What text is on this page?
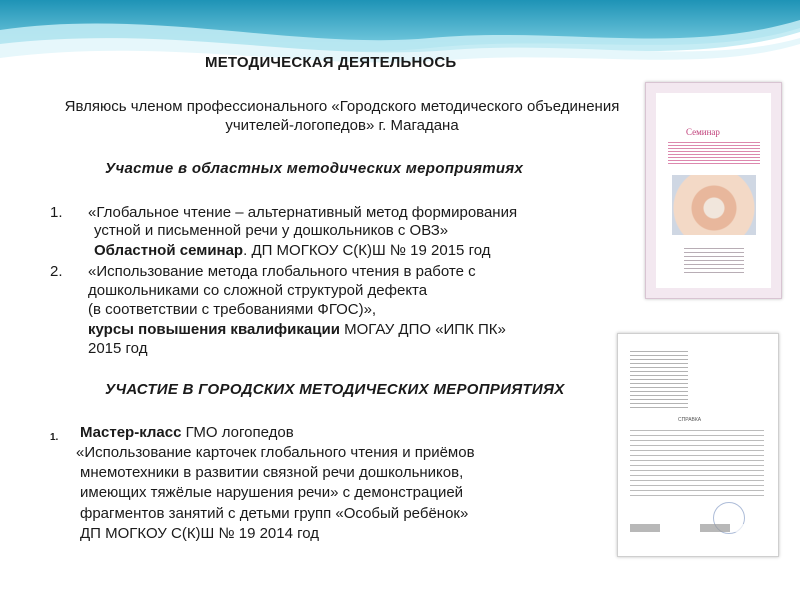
МЕТОДИЧЕСКАЯ ДЕЯТЕЛЬНОСЬ
Являюсь членом профессионального «Городского методического объединения учителей-логопедов» г. Магадана
Участие в областных методических мероприятиях
1. «Глобальное чтение – альтернативный метод формирования
устной и письменной речи у дошкольников с ОВЗ»
Областной семинар. ДП МОГКОУ С(К)Ш № 19 2015 год
2. «Использование метода глобального чтения в работе с
дошкольниками со сложной структурой дефекта
(в соответствии с требованиями ФГОС)»,
курсы повышения квалификации МОГАУ ДПО «ИПК ПК»
2015 год
УЧАСТИЕ В ГОРОДСКИХ МЕТОДИЧЕСКИХ МЕРОПРИЯТИЯХ
1. Мастер-класс ГМО логопедов
«Использование карточек глобального чтения и приёмов
мнемотехники в развитии связной речи дошкольников,
имеющих тяжёлые нарушения речи» с демонстрацией
фрагментов занятий с детьми групп «Особый ребёнок»
ДП МОГКОУ С(К)Ш № 19 2014 год
Семинар
СПРАВКА
